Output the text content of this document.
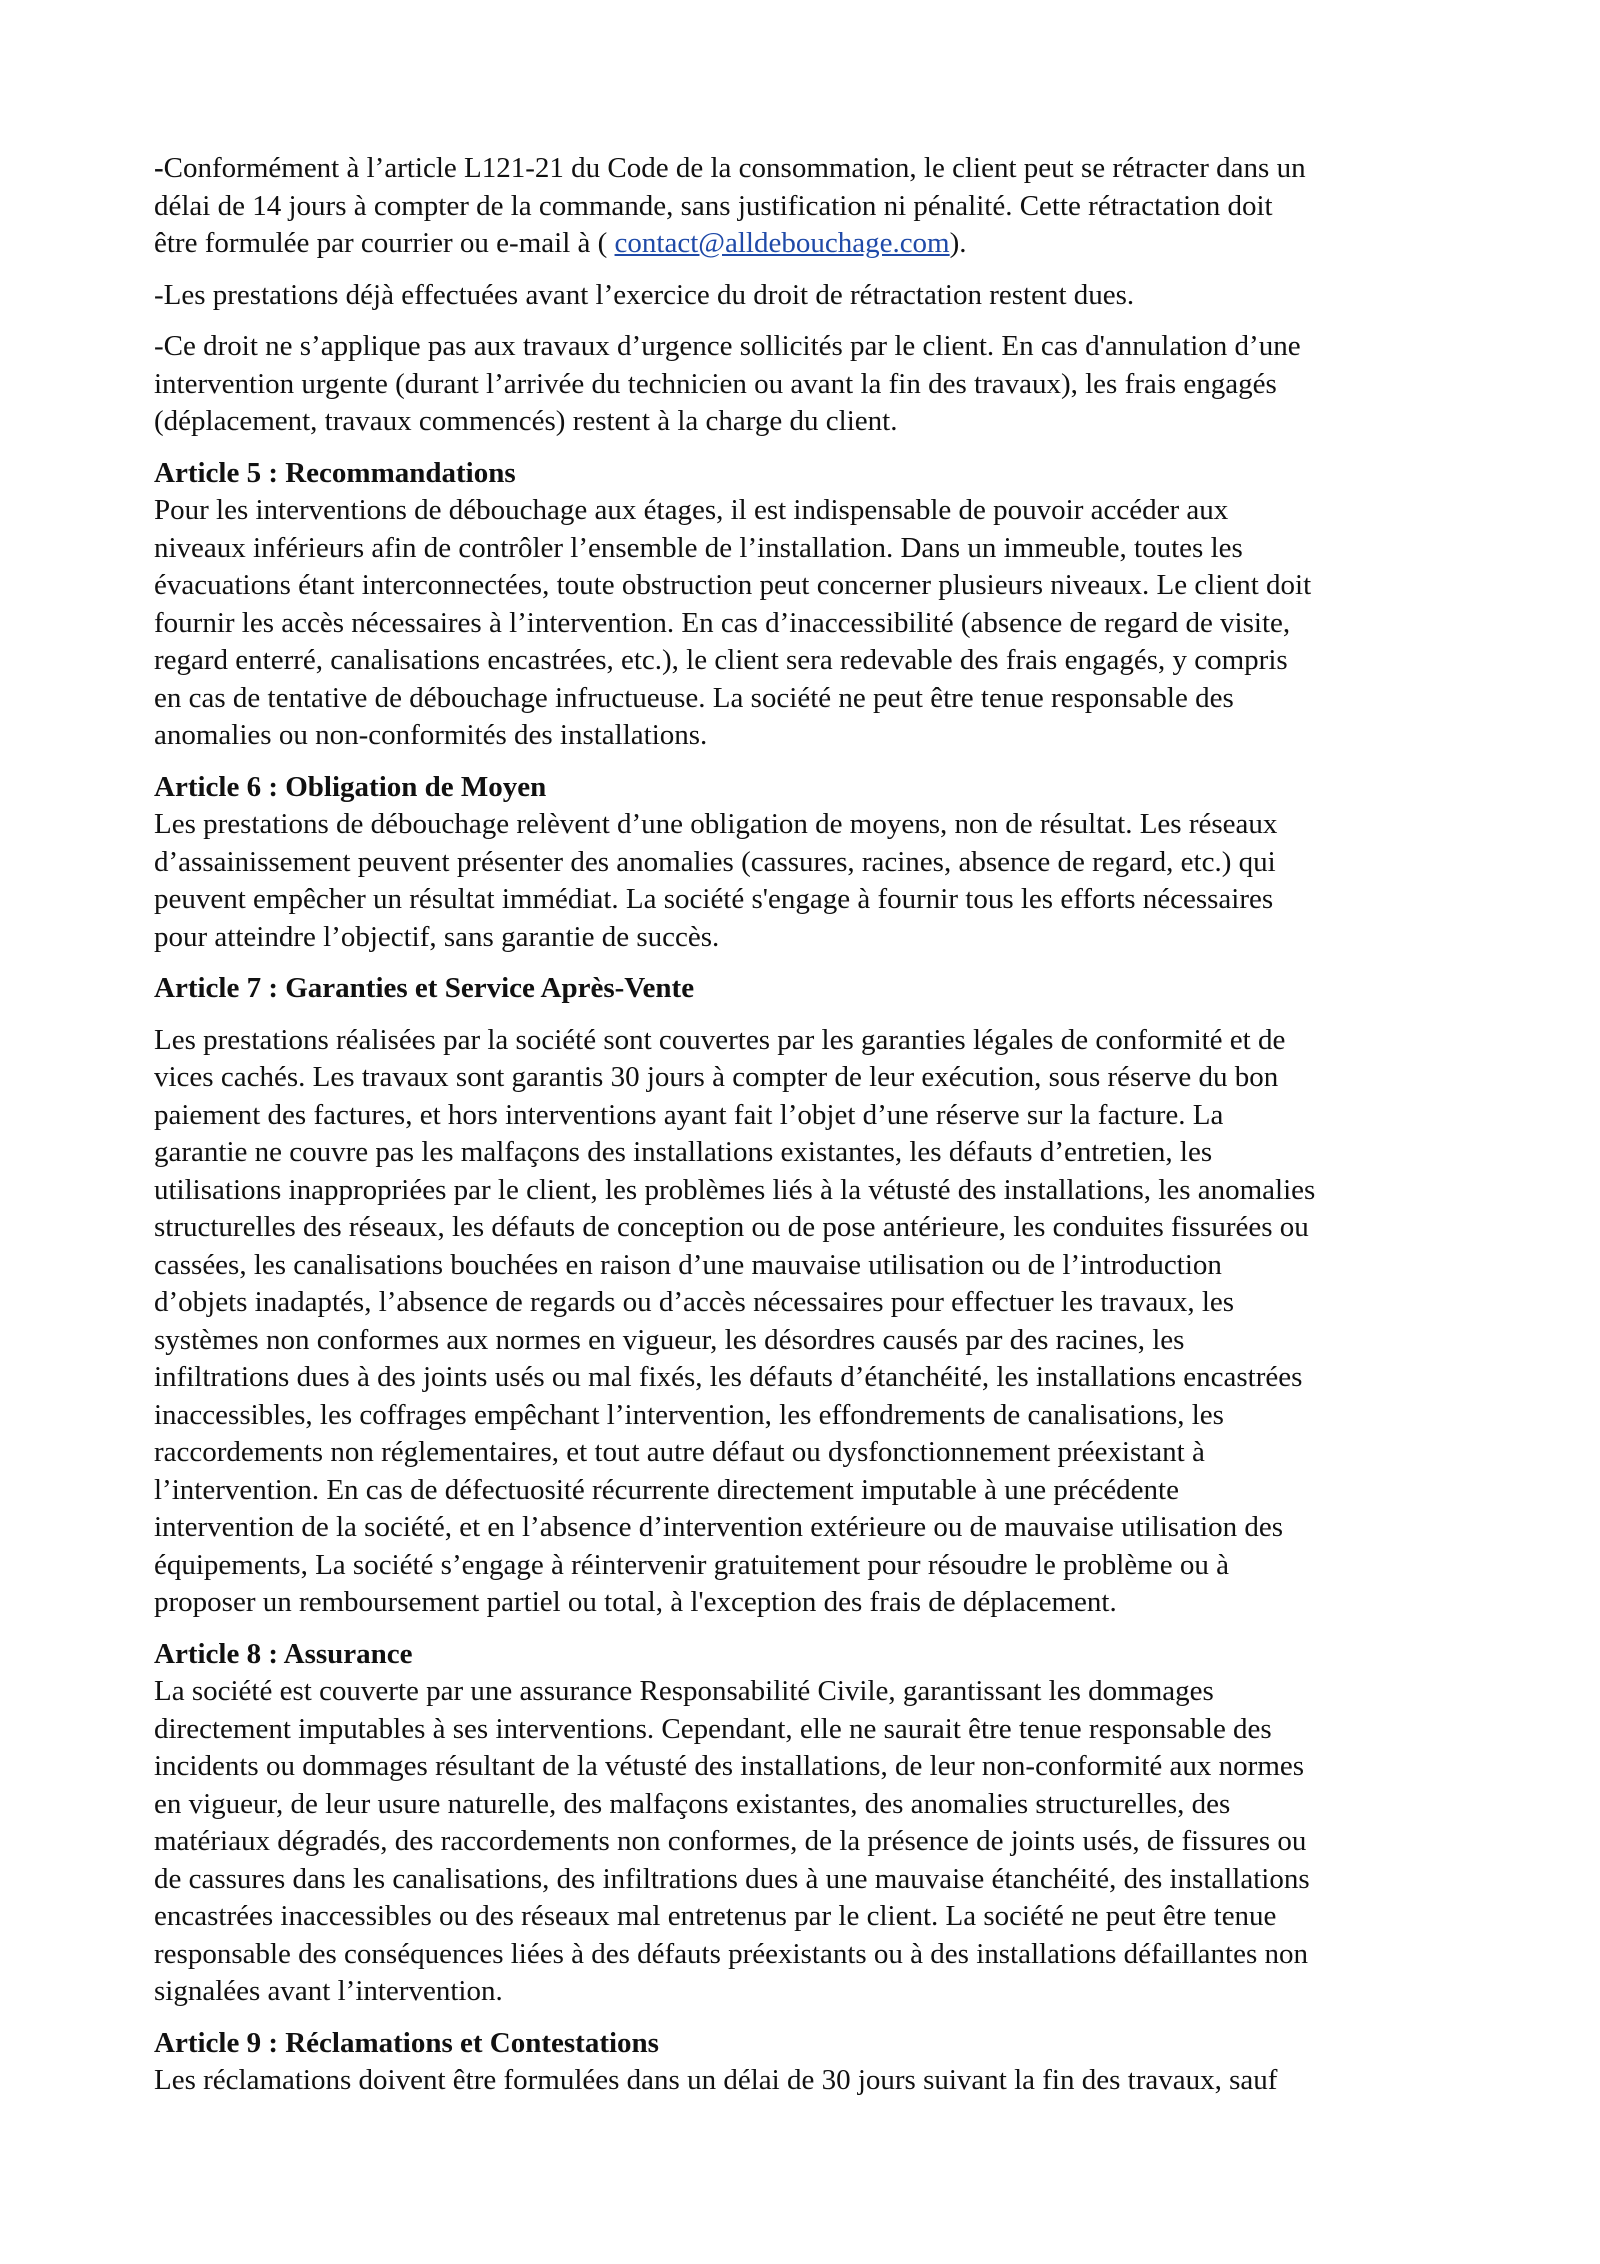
-Conformément à l’article L121-21 du Code de la consommation, le client peut se rétracter dans un

délai de 14 jours à compter de la commande, sans justification ni pénalité. Cette rétractation doit

être formulée par courrier ou e-mail à ( contact@alldebouchage.com).

-Les prestations déjà effectuées avant l’exercice du droit de rétractation restent dues.

-Ce droit ne s’applique pas aux travaux d’urgence sollicités par le client. En cas d'annulation d’une

intervention urgente (durant l’arrivée du technicien ou avant la fin des travaux), les frais engagés

(déplacement, travaux commencés) restent à la charge du client.

Article 5 : Recommandations

Pour les interventions de débouchage aux étages, il est indispensable de pouvoir accéder aux

niveaux inférieurs afin de contrôler l’ensemble de l’installation. Dans un immeuble, toutes les

évacuations étant interconnectées, toute obstruction peut concerner plusieurs niveaux. Le client doit

fournir les accès nécessaires à l’intervention. En cas d’inaccessibilité (absence de regard de visite,

regard enterré, canalisations encastrées, etc.), le client sera redevable des frais engagés, y compris

en cas de tentative de débouchage infructueuse. La société ne peut être tenue responsable des

anomalies ou non-conformités des installations.

Article 6 : Obligation de Moyen

Les prestations de débouchage relèvent d’une obligation de moyens, non de résultat. Les réseaux

d’assainissement peuvent présenter des anomalies (cassures, racines, absence de regard, etc.) qui

peuvent empêcher un résultat immédiat. La société s'engage à fournir tous les efforts nécessaires

pour atteindre l’objectif, sans garantie de succès.

Article 7 : Garanties et Service Après-Vente

Les prestations réalisées par la société sont couvertes par les garanties légales de conformité et de

vices cachés. Les travaux sont garantis 30 jours à compter de leur exécution, sous réserve du bon

paiement des factures, et hors interventions ayant fait l’objet d’une réserve sur la facture. La

garantie ne couvre pas les malfaçons des installations existantes, les défauts d’entretien, les

utilisations inappropriées par le client, les problèmes liés à la vétusté des installations, les anomalies

structurelles des réseaux, les défauts de conception ou de pose antérieure, les conduites fissurées ou

cassées, les canalisations bouchées en raison d’une mauvaise utilisation ou de l’introduction

d’objets inadaptés, l’absence de regards ou d’accès nécessaires pour effectuer les travaux, les

systèmes non conformes aux normes en vigueur, les désordres causés par des racines, les

infiltrations dues à des joints usés ou mal fixés, les défauts d’étanchéité, les installations encastrées

inaccessibles, les coffrages empêchant l’intervention, les effondrements de canalisations, les

raccordements non réglementaires, et tout autre défaut ou dysfonctionnement préexistant à

l’intervention. En cas de défectuosité récurrente directement imputable à une précédente

intervention de la société, et en l’absence d’intervention extérieure ou de mauvaise utilisation des

équipements, La société s’engage à réintervenir gratuitement pour résoudre le problème ou à

proposer un remboursement partiel ou total, à l'exception des frais de déplacement.

Article 8 : Assurance

La société est couverte par une assurance Responsabilité Civile, garantissant les dommages

directement imputables à ses interventions. Cependant, elle ne saurait être tenue responsable des

incidents ou dommages résultant de la vétusté des installations, de leur non-conformité aux normes

en vigueur, de leur usure naturelle, des malfaçons existantes, des anomalies structurelles, des

matériaux dégradés, des raccordements non conformes, de la présence de joints usés, de fissures ou

de cassures dans les canalisations, des infiltrations dues à une mauvaise étanchéité, des installations

encastrées inaccessibles ou des réseaux mal entretenus par le client. La société ne peut être tenue

responsable des conséquences liées à des défauts préexistants ou à des installations défaillantes non

signalées avant l’intervention.

Article 9 : Réclamations et Contestations

Les réclamations doivent être formulées dans un délai de 30 jours suivant la fin des travaux, sauf
